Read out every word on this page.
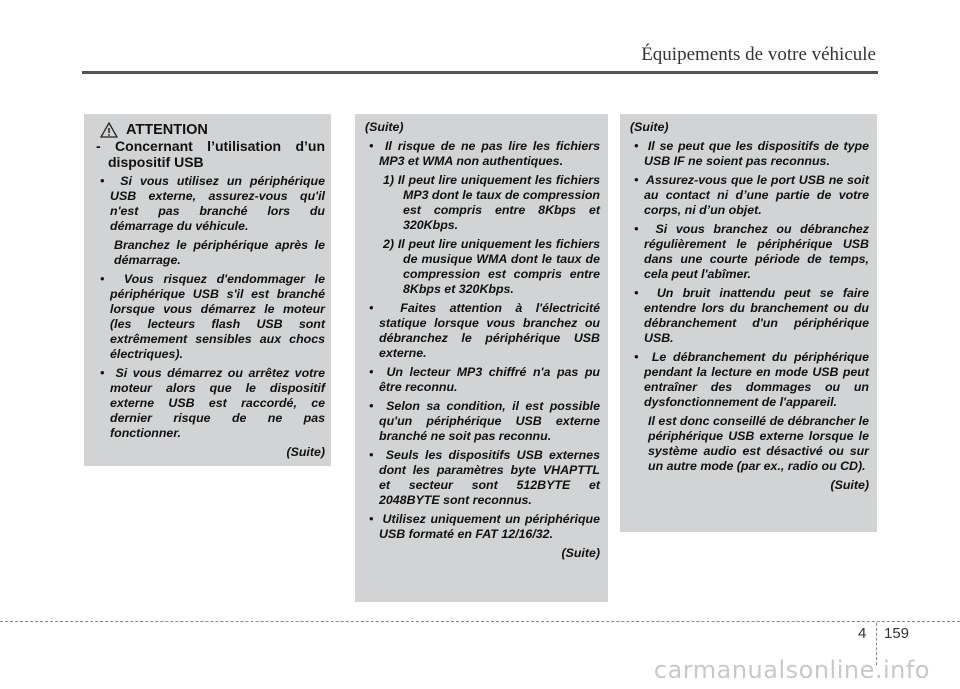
Équipements de votre véhicule
ATTENTION

- Concernant l’utilisation d’un dispositif USB

•  Si vous utilisez un périphérique USB externe, assurez-vous qu'il n'est pas branché lors du démarrage du véhicule.

Branchez le périphérique après le démarrage.

•  Vous risquez d'endommager le périphérique USB s'il est branché lorsque vous démarrez le moteur (les lecteurs flash USB sont extrêmement sensibles aux chocs électriques).

•  Si vous démarrez ou arrêtez votre moteur alors que le dispositif externe USB est raccordé, ce dernier risque de ne pas fonctionner.

(Suite)

(Suite)

•  Il risque de ne pas lire les fichiers MP3 et WMA non authentiques.

1) Il peut lire uniquement les fichiers MP3 dont le taux de compression est compris entre 8Kbps et 320Kbps.

2) Il peut lire uniquement les fichiers de musique WMA dont le taux de compression est compris entre 8Kbps et 320Kbps.

•  Faites attention à l'électricité statique lorsque vous branchez ou débranchez le périphérique USB externe.

•  Un lecteur MP3 chiffré n'a pas pu être reconnu.

•  Selon sa condition, il est possible qu'un périphérique USB externe branché ne soit pas reconnu.

•  Seuls les dispositifs USB externes dont les paramètres byte VHAPTTL et secteur sont 512BYTE et 2048BYTE sont reconnus.

•  Utilisez uniquement un périphérique USB formaté en FAT 12/16/32.

(Suite)

(Suite)

•  Il se peut que les dispositifs de type USB IF ne soient pas reconnus.

•  Assurez-vous que le port USB ne soit au contact ni d’une partie de votre corps, ni d’un objet.

•  Si vous branchez ou débranchez régulièrement le périphérique USB dans une courte période de temps, cela peut l'abîmer.

•  Un bruit inattendu peut se faire entendre lors du branchement ou du débranchement d'un périphérique USB.

•  Le débranchement du périphérique pendant la lecture en mode USB peut entraîner des dommages ou un dysfonctionnement de l'appareil.

Il est donc conseillé de débrancher le périphérique USB externe lorsque le système audio est désactivé ou sur un autre mode (par ex., radio ou CD).

(Suite)

4 159
carmanualsonline.info
